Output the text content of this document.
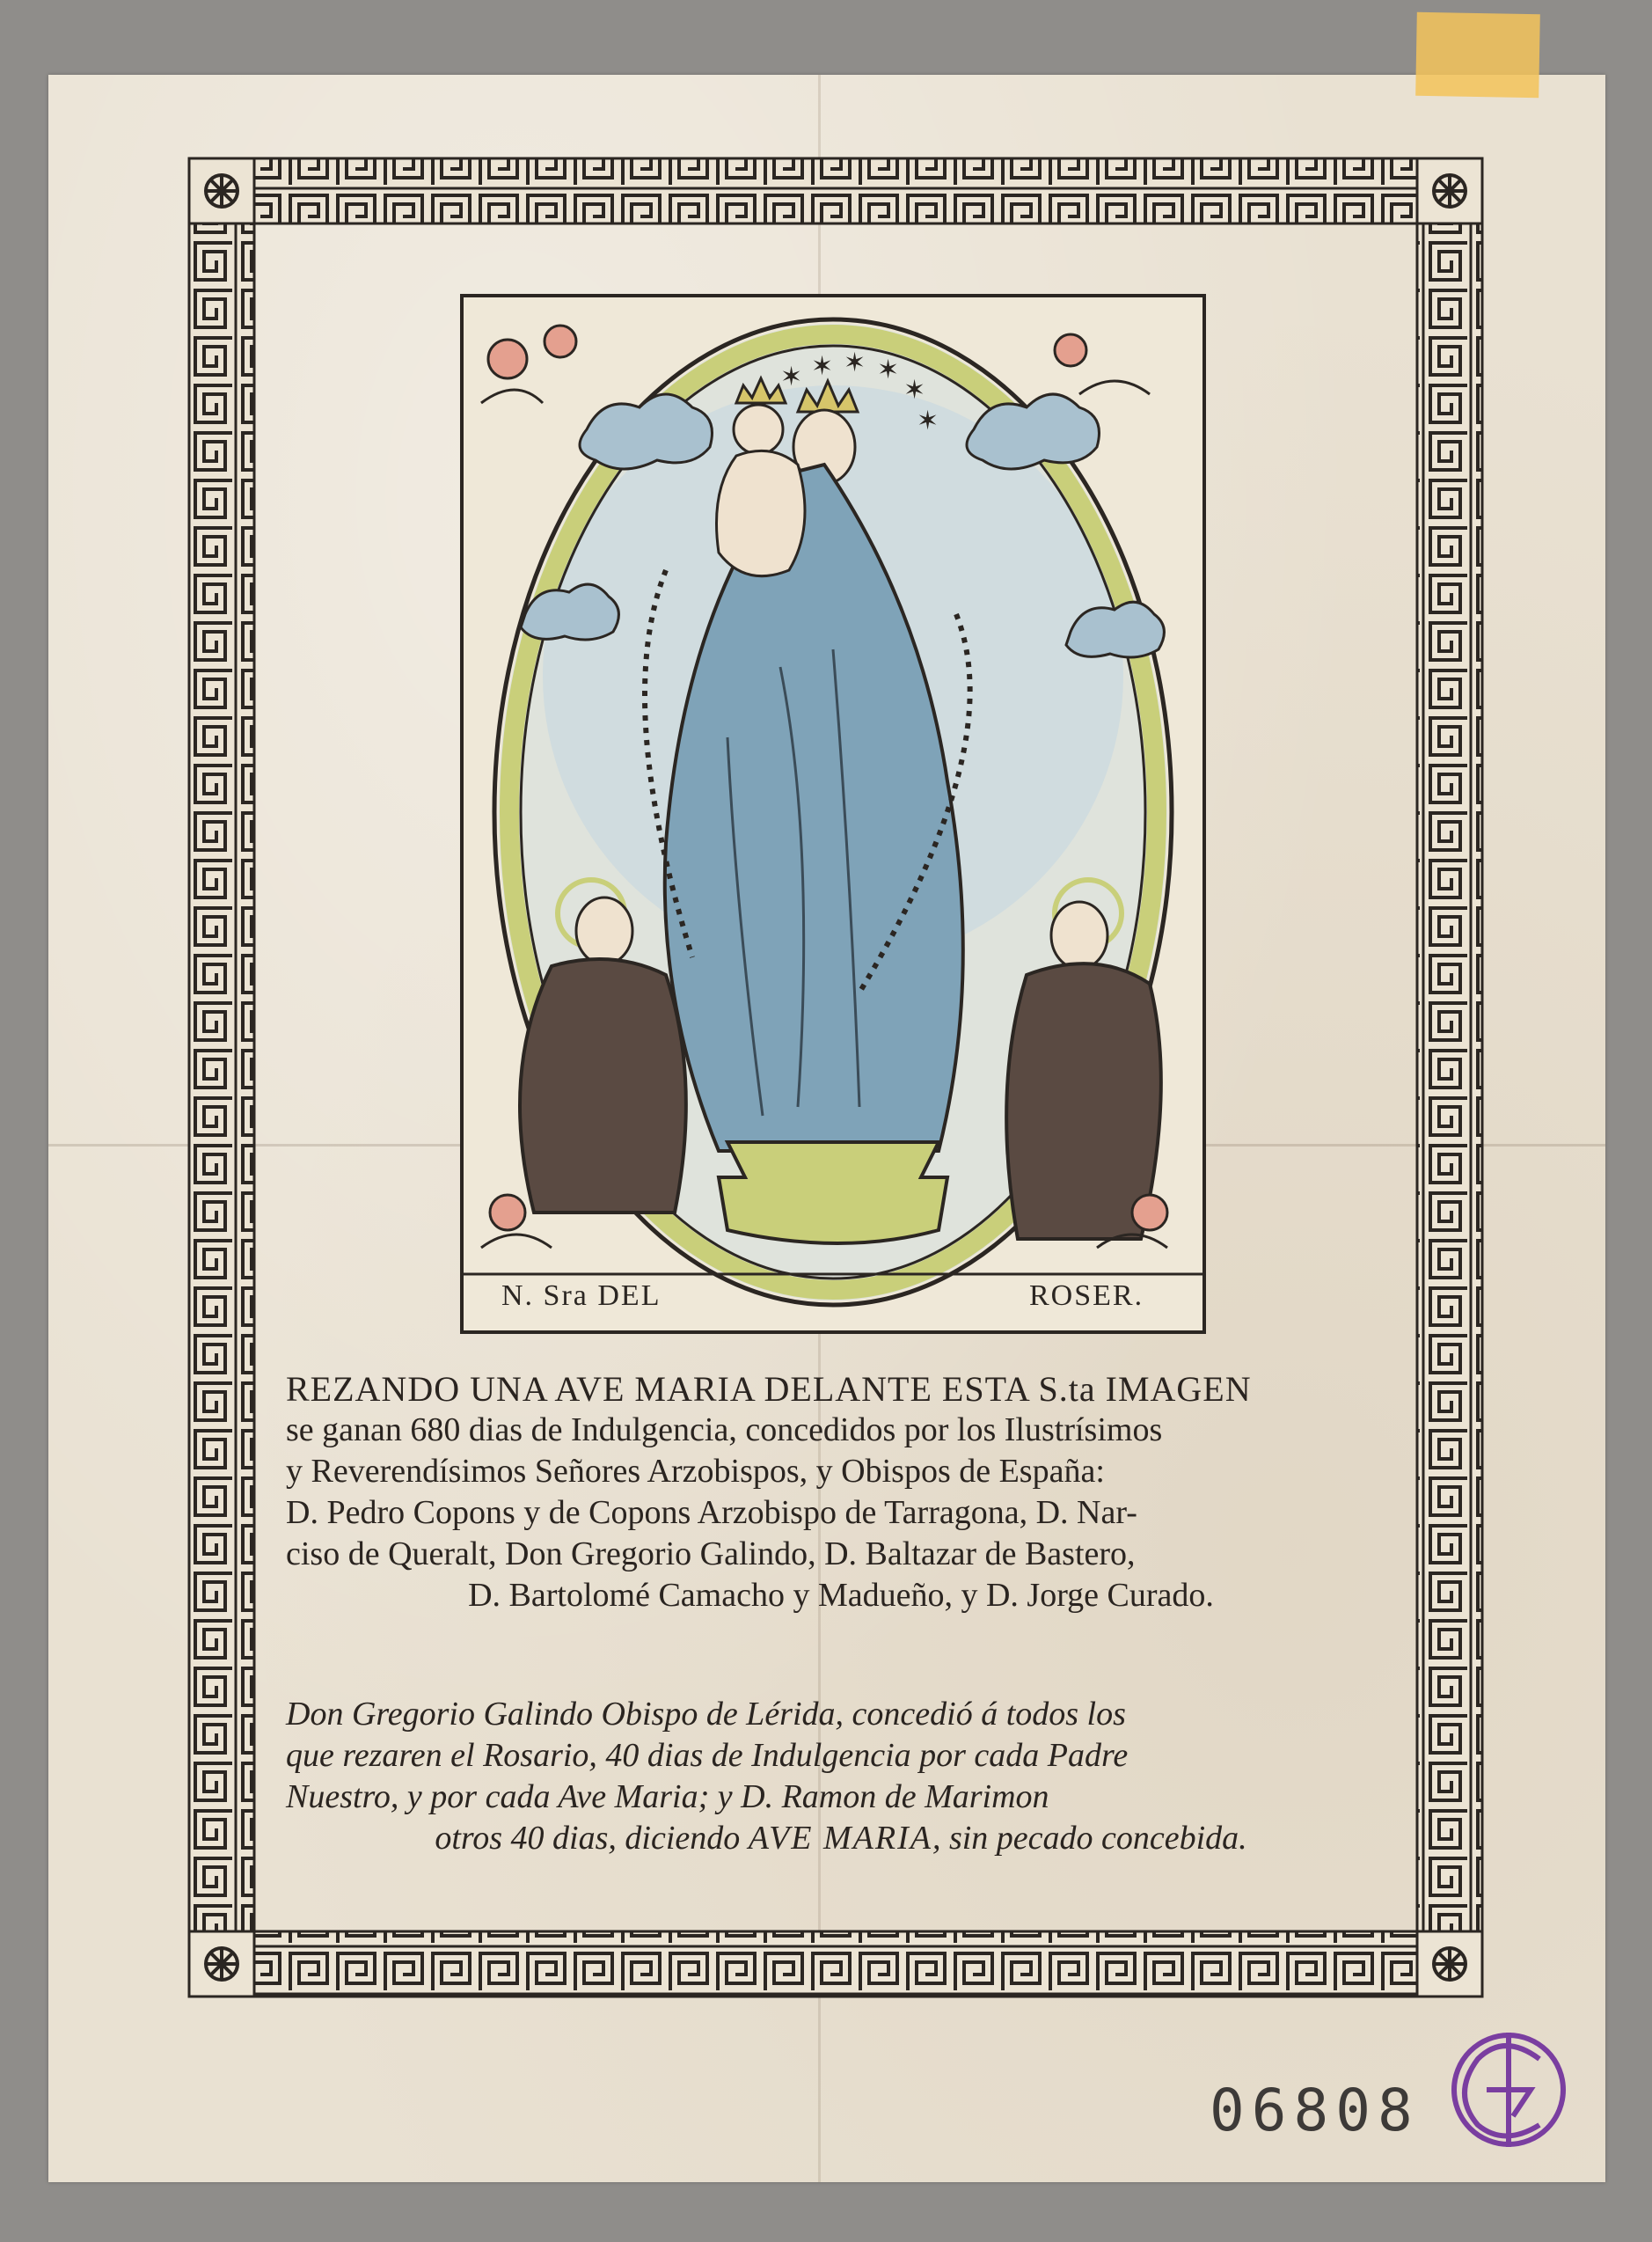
✶ ✶ ✶ ✶
✶
✶
N. Sra DEL	ROSER.
REZANDO UNA AVE MARIA DELANTE ESTA S.ta IMAGEN
se ganan 680 dias de Indulgencia, concedidos por los Ilustrísimos
y Reverendísimos Señores Arzobispos, y Obispos de España:
D. Pedro Copons y de Copons Arzobispo de Tarragona, D. Nar-
ciso de Queralt, Don Gregorio Galindo, D. Baltazar de Bastero,
D. Bartolomé Camacho y Madueño, y D. Jorge Curado.
Don Gregorio Galindo Obispo de Lérida, concedió á todos los
que rezaren el Rosario, 40 dias de Indulgencia por cada Padre
Nuestro, y por cada Ave Maria; y D. Ramon de Marimon
otros 40 dias, diciendo AVE MARIA, sin pecado concebida.
06808
